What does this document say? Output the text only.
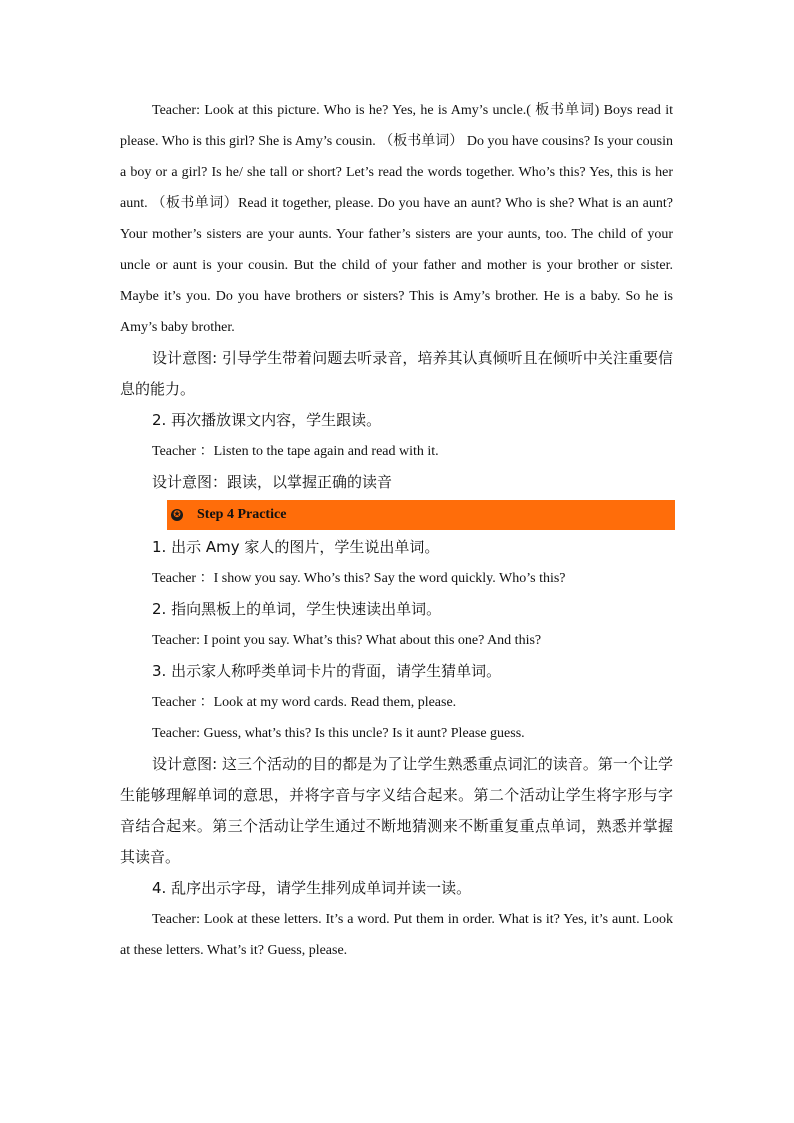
Teacher: Look at this picture. Who is he? Yes, he is Amy’s uncle.( 板书单词) Boys read it please. Who is this girl? She is Amy’s cousin. （板书单词） Do you have cousins? Is your cousin a boy or a girl? Is he/ she tall or short? Let’s read the words together. Who’s this? Yes, this is her aunt. （板书单词）Read it together, please. Do you have an aunt? Who is she? What is an aunt? Your mother’s sisters are your aunts. Your father’s sisters are your aunts, too. The child of your uncle or aunt is your cousin. But the child of your father and mother is your brother or sister. Maybe it’s you. Do you have brothers or sisters? This is Amy’s brother. He is a baby. So he is Amy’s baby brother.

设计意图: 引导学生带着问题去听录音，培养其认真倾听且在倾听中关注重要信息的能力。

2. 再次播放课文内容，学生跟读。

Teacher ：Listen to the tape again and read with it.

设计意图：跟读，以掌握正确的读音

✪ Step 4 Practice

1. 出示 Amy 家人的图片，学生说出单词。

Teacher ：I show you say. Who’s this? Say the word quickly. Who’s this?

2. 指向黑板上的单词，学生快速读出单词。

Teacher: I point you say. What’s this? What about this one? And this?

3. 出示家人称呼类单词卡片的背面，请学生猜单词。

Teacher ：Look at my word cards. Read them, please.

Teacher: Guess, what’s this? Is this uncle? Is it aunt? Please guess.

设计意图: 这三个活动的目的都是为了让学生熟悉重点词汇的读音。第一个让学生能够理解单词的意思，并将字音与字义结合起来。第二个活动让学生将字形与字音结合起来。第三个活动让学生通过不断地猜测来不断重复重点单词，熟悉并掌握其读音。

4. 乱序出示字母，请学生排列成单词并读一读。

Teacher: Look at these letters. It’s a word. Put them in order. What is it? Yes, it’s aunt. Look at these letters. What’s it? Guess, please.
